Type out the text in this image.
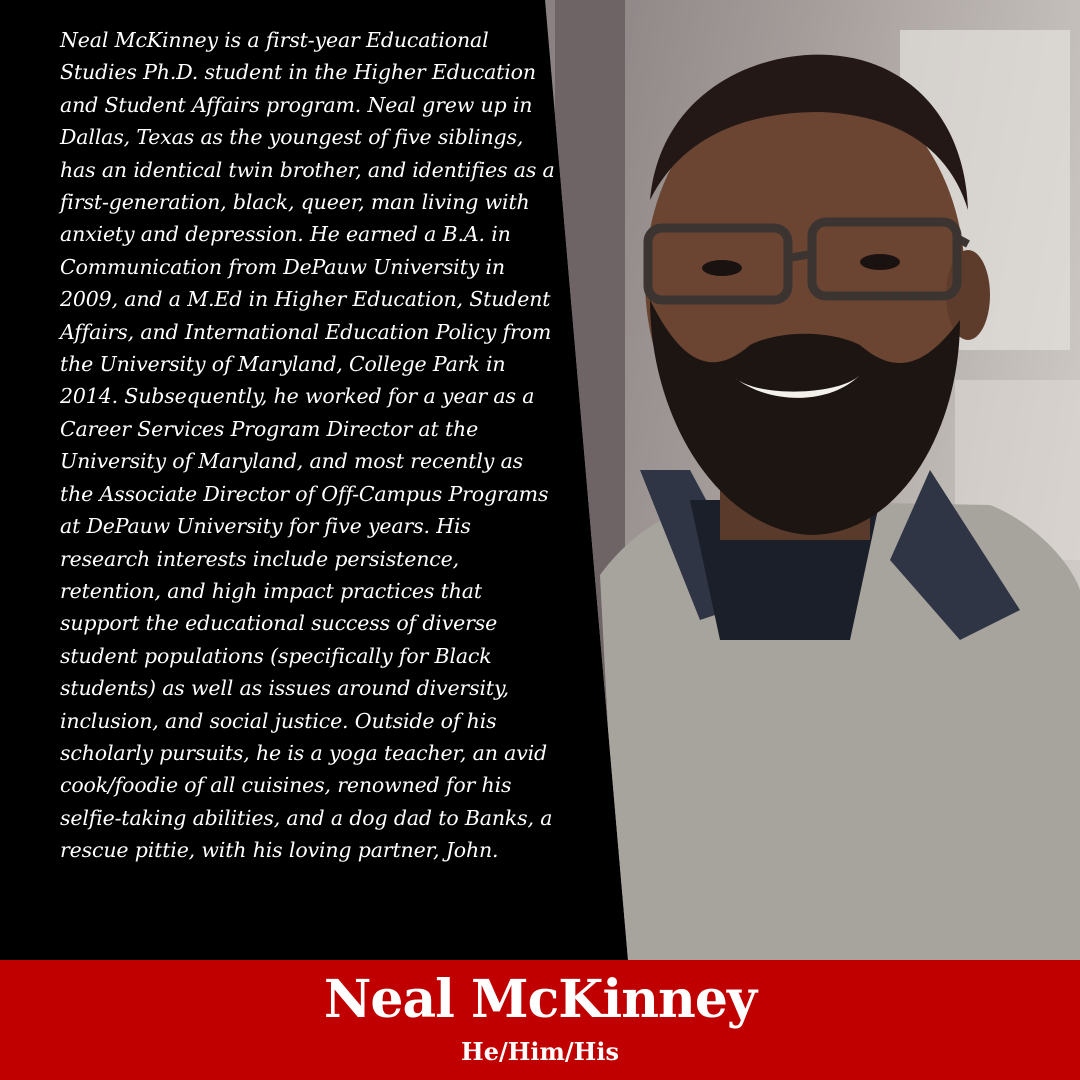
Neal McKinney is a first-year Educational Studies Ph.D. student in the Higher Education and Student Affairs program. Neal grew up in Dallas, Texas as the youngest of five siblings, has an identical twin brother, and identifies as a first-generation, black, queer, man living with anxiety and depression. He earned a B.A. in Communication from DePauw University in 2009, and a M.Ed in Higher Education, Student Affairs, and International Education Policy from the University of Maryland, College Park in 2014. Subsequently, he worked for a year as a Career Services Program Director at the University of Maryland, and most recently as the Associate Director of Off-Campus Programs at DePauw University for five years. His research interests include persistence, retention, and high impact practices that support the educational success of diverse student populations (specifically for Black students) as well as issues around diversity, inclusion, and social justice. Outside of his scholarly pursuits, he is a yoga teacher, an avid cook/foodie of all cuisines, renowned for his selfie-taking abilities, and a dog dad to Banks, a rescue pittie, with his loving partner, John.

Neal McKinney
He/Him/His
